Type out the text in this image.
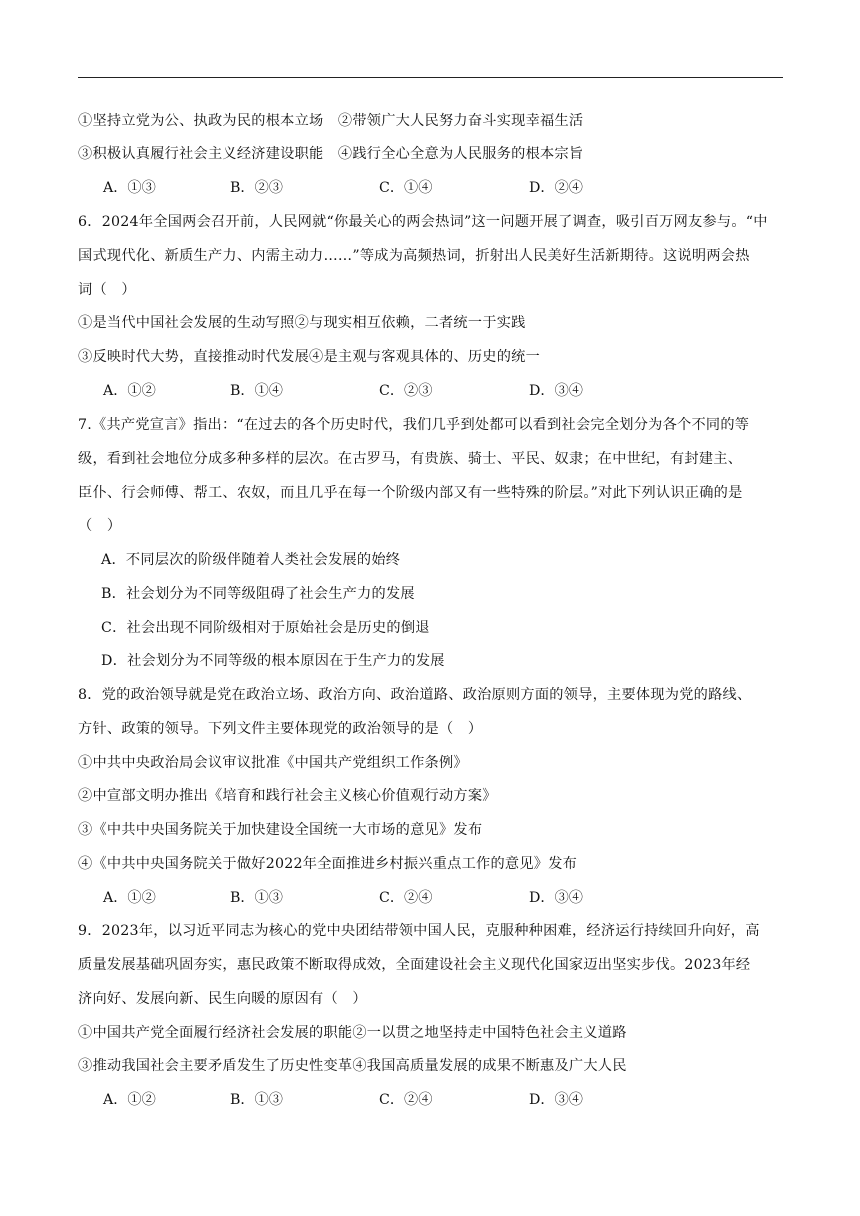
①坚持立党为公、执政为民的根本立场　②带领广大人民努力奋斗实现幸福生活
③积极认真履行社会主义经济建设职能　④践行全心全意为人民服务的根本宗旨
A．①③	B．②③	C．①④	D．②④
6．2024年全国两会召开前，人民网就“你最关心的两会热词”这一问题开展了调查，吸引百万网友参与。“中
国式现代化、新质生产力、内需主动力……”等成为高频热词，折射出人民美好生活新期待。这说明两会热
词（　）
①是当代中国社会发展的生动写照②与现实相互依赖，二者统一于实践
③反映时代大势，直接推动时代发展④是主观与客观具体的、历史的统一
A．①②	B．①④	C．②③	D．③④
7.《共产党宣言》指出：“在过去的各个历史时代，我们几乎到处都可以看到社会完全划分为各个不同的等
级，看到社会地位分成多种多样的层次。在古罗马，有贵族、骑士、平民、奴隶；在中世纪，有封建主、
臣仆、行会师傅、帮工、农奴，而且几乎在每一个阶级内部又有一些特殊的阶层。”对此下列认识正确的是
（　）
A．不同层次的阶级伴随着人类社会发展的始终
B．社会划分为不同等级阻碍了社会生产力的发展
C．社会出现不同阶级相对于原始社会是历史的倒退
D．社会划分为不同等级的根本原因在于生产力的发展
8．党的政治领导就是党在政治立场、政治方向、政治道路、政治原则方面的领导，主要体现为党的路线、
方针、政策的领导。下列文件主要体现党的政治领导的是（　）
①中共中央政治局会议审议批准《中国共产党组织工作条例》
②中宣部文明办推出《培育和践行社会主义核心价值观行动方案》
③《中共中央国务院关于加快建设全国统一大市场的意见》发布
④《中共中央国务院关于做好2022年全面推进乡村振兴重点工作的意见》发布
A．①②	B．①③	C．②④	D．③④
9．2023年，以习近平同志为核心的党中央团结带领中国人民，克服种种困难，经济运行持续回升向好，高
质量发展基础巩固夯实，惠民政策不断取得成效，全面建设社会主义现代化国家迈出坚实步伐。2023年经
济向好、发展向新、民生向暖的原因有（　）
①中国共产党全面履行经济社会发展的职能②一以贯之地坚持走中国特色社会主义道路
③推动我国社会主要矛盾发生了历史性变革④我国高质量发展的成果不断惠及广大人民
A．①②	B．①③	C．②④	D．③④
